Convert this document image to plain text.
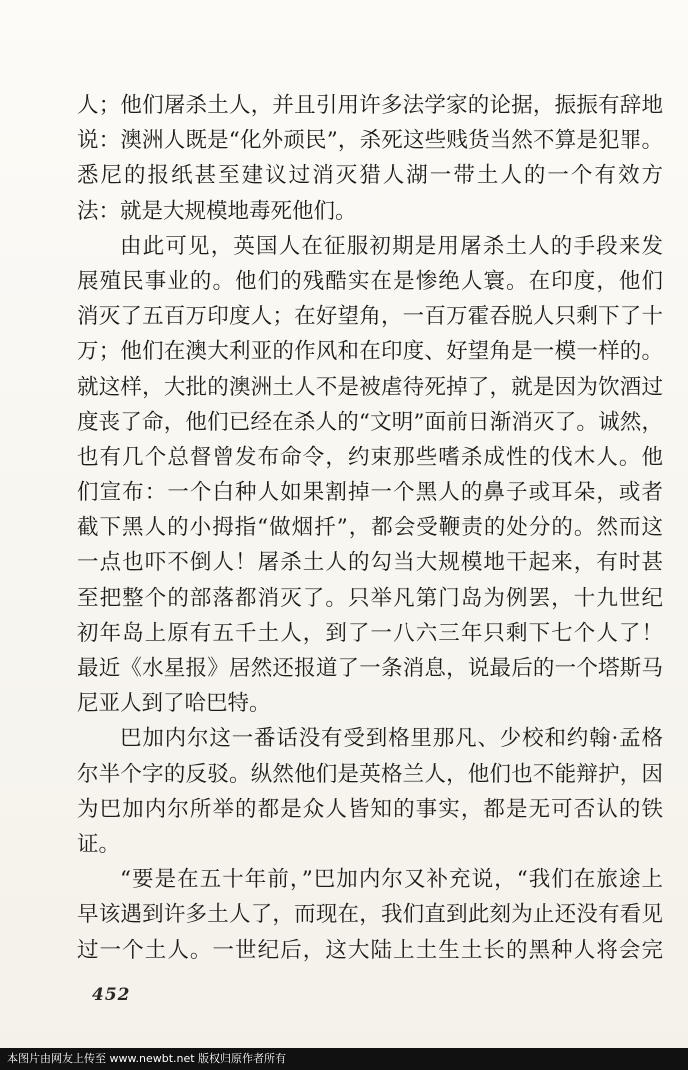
人；他们屠杀土人，并且引用许多法学家的论据，振振有辞地
说：澳洲人既是“化外顽民”，杀死这些贱货当然不算是犯罪。
悉尼的报纸甚至建议过消灭猎人湖一带土人的一个有效方
法：就是大规模地毒死他们。
由此可见，英国人在征服初期是用屠杀土人的手段来发
展殖民事业的。他们的残酷实在是惨绝人寰。在印度，他们
消灭了五百万印度人；在好望角，一百万霍吞脱人只剩下了十
万；他们在澳大利亚的作风和在印度、好望角是一模一样的。
就这样，大批的澳洲土人不是被虐待死掉了，就是因为饮酒过
度丧了命，他们已经在杀人的“文明”面前日渐消灭了。诚然，
也有几个总督曾发布命令，约束那些嗜杀成性的伐木人。他
们宣布：一个白种人如果割掉一个黑人的鼻子或耳朵，或者
截下黑人的小拇指“做烟扦”，都会受鞭责的处分的。然而这
一点也吓不倒人！屠杀土人的勾当大规模地干起来，有时甚
至把整个的部落都消灭了。只举凡第门岛为例罢，十九世纪
初年岛上原有五千土人，到了一八六三年只剩下七个人了！
最近《水星报》居然还报道了一条消息，说最后的一个塔斯马
尼亚人到了哈巴特。
巴加内尔这一番话没有受到格里那凡、少校和约翰·孟格
尔半个字的反驳。纵然他们是英格兰人，他们也不能辩护，因
为巴加内尔所举的都是众人皆知的事实，都是无可否认的铁
证。
“要是在五十年前，”巴加内尔又补充说，“我们在旅途上
早该遇到许多土人了，而现在，我们直到此刻为止还没有看见
过一个土人。一世纪后，这大陆上土生土长的黑种人将会完
452
本图片由网友上传至 www.newbt.net 版权归原作者所有
